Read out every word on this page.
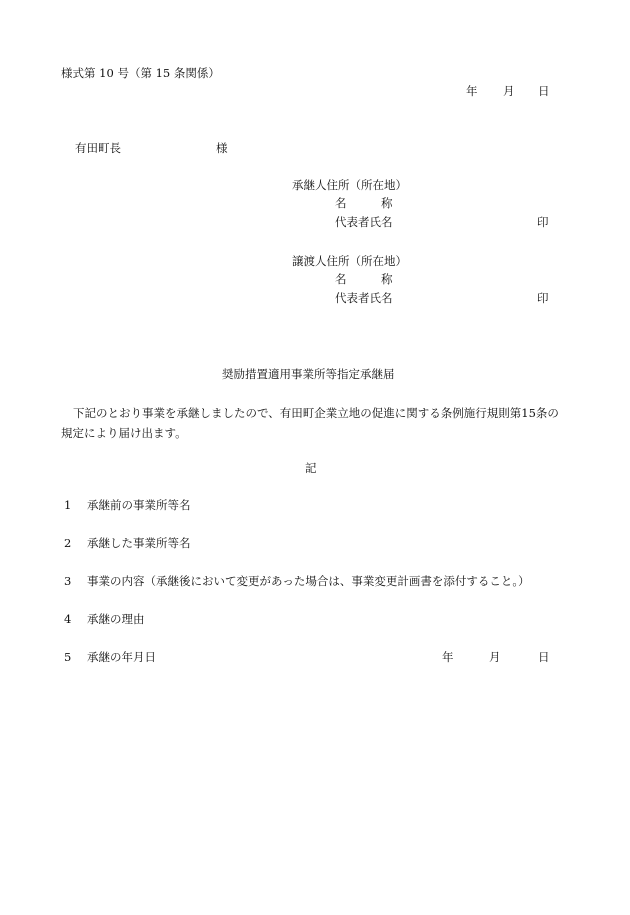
様式第 10 号（第 15 条関係）
年 月 日
有田町長	様
承継人住所（所在地）
名　　　称
代表者氏名	印
譲渡人住所（所在地）
名　　　称
代表者氏名	印
奨励措置適用事業所等指定承継届
下記のとおり事業を承継しましたので、有田町企業立地の促進に関する条例施行規則第15条の規定により届け出ます。
記
1 承継前の事業所等名
2 承継した事業所等名
3 事業の内容（承継後において変更があった場合は、事業変更計画書を添付すること。）
4 承継の理由
5 承継の年月日	年	月	日
